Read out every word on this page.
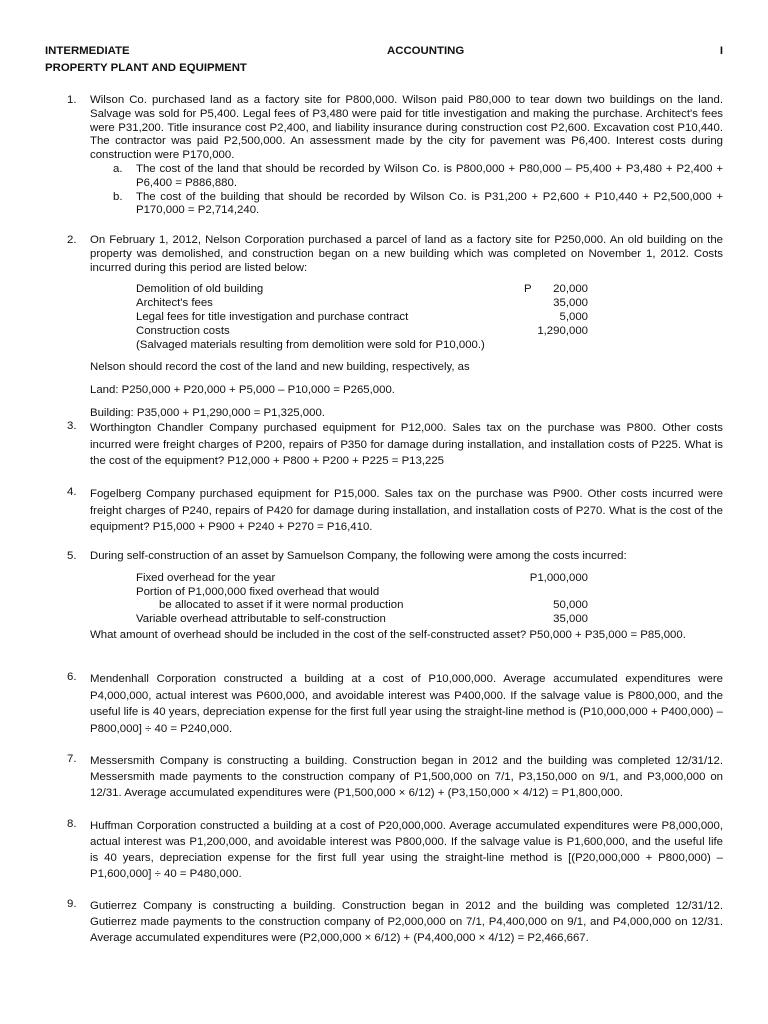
INTERMEDIATE	ACCOUNTING	I
PROPERTY PLANT AND EQUIPMENT
1. Wilson Co. purchased land as a factory site for P800,000. Wilson paid P80,000 to tear down two buildings on the land. Salvage was sold for P5,400. Legal fees of P3,480 were paid for title investigation and making the purchase. Architect's fees were P31,200. Title insurance cost P2,400, and liability insurance during construction cost P2,600. Excavation cost P10,440. The contractor was paid P2,500,000. An assessment made by the city for pavement was P6,400. Interest costs during construction were P170,000.
a. The cost of the land that should be recorded by Wilson Co. is P800,000 + P80,000 – P5,400 + P3,480 + P2,400 + P6,400 = P886,880.
b. The cost of the building that should be recorded by Wilson Co. is P31,200 + P2,600 + P10,440 + P2,500,000 + P170,000 = P2,714,240.
2. On February 1, 2012, Nelson Corporation purchased a parcel of land as a factory site for P250,000. An old building on the property was demolished, and construction began on a new building which was completed on November 1, 2012. Costs incurred during this period are listed below:
Demolition of old building	P 20,000
Architect's fees	35,000
Legal fees for title investigation and purchase contract	5,000
Construction costs	1,290,000
(Salvaged materials resulting from demolition were sold for P10,000.)
Nelson should record the cost of the land and new building, respectively, as
Land: P250,000 + P20,000 + P5,000 – P10,000 = P265,000.
Building: P35,000 + P1,290,000 = P1,325,000.
3. Worthington Chandler Company purchased equipment for P12,000. Sales tax on the purchase was P800. Other costs incurred were freight charges of P200, repairs of P350 for damage during installation, and installation costs of P225. What is the cost of the equipment? P12,000 + P800 + P200 + P225 = P13,225
4. Fogelberg Company purchased equipment for P15,000. Sales tax on the purchase was P900. Other costs incurred were freight charges of P240, repairs of P420 for damage during installation, and installation costs of P270. What is the cost of the equipment? P15,000 + P900 + P240 + P270 = P16,410.
5. During self-construction of an asset by Samuelson Company, the following were among the costs incurred:
Fixed overhead for the year	P1,000,000
Portion of P1,000,000 fixed overhead that would
be allocated to asset if it were normal production	50,000
Variable overhead attributable to self-construction	35,000
What amount of overhead should be included in the cost of the self-constructed asset? P50,000 + P35,000 = P85,000.
6. Mendenhall Corporation constructed a building at a cost of P10,000,000. Average accumulated expenditures were P4,000,000, actual interest was P600,000, and avoidable interest was P400,000. If the salvage value is P800,000, and the useful life is 40 years, depreciation expense for the first full year using the straight-line method is (P10,000,000 + P400,000) – P800,000] ÷ 40 = P240,000.
7. Messersmith Company is constructing a building. Construction began in 2012 and the building was completed 12/31/12. Messersmith made payments to the construction company of P1,500,000 on 7/1, P3,150,000 on 9/1, and P3,000,000 on 12/31. Average accumulated expenditures were (P1,500,000 × 6/12) + (P3,150,000 × 4/12) = P1,800,000.
8. Huffman Corporation constructed a building at a cost of P20,000,000. Average accumulated expenditures were P8,000,000, actual interest was P1,200,000, and avoidable interest was P800,000. If the salvage value is P1,600,000, and the useful life is 40 years, depreciation expense for the first full year using the straight-line method is [(P20,000,000 + P800,000) – P1,600,000] ÷ 40 = P480,000.
9. Gutierrez Company is constructing a building. Construction began in 2012 and the building was completed 12/31/12. Gutierrez made payments to the construction company of P2,000,000 on 7/1, P4,400,000 on 9/1, and P4,000,000 on 12/31. Average accumulated expenditures were (P2,000,000 × 6/12) + (P4,400,000 × 4/12) = P2,466,667.
